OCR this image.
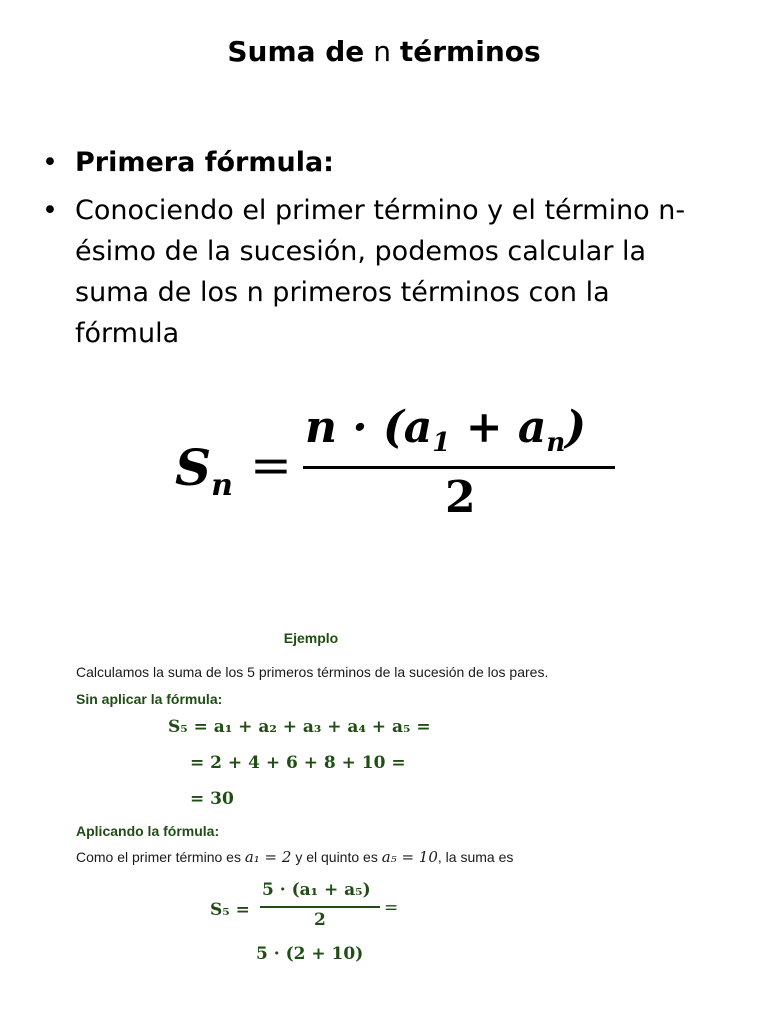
Suma de n términos
• Primera fórmula:
• Conociendo el primer término y el término n-ésimo de la sucesión, podemos calcular la suma de los n primeros términos con la fórmula
$S_n$ =
$n \cdot (a_1 + a_n)$
2
Ejemplo
Calculamos la suma de los 5 primeros términos de la sucesión de los pares.
Sin aplicar la fórmula:
S₅ = a₁ + a₂ + a₃ + a₄ + a₅ =
= 2 + 4 + 6 + 8 + 10 =
= 30
Aplicando la fórmula:
Como el primer término es a₁ = 2 y el quinto es a₅ = 10, la suma es
S₅ =
5 · (a₁ + a₅)
2
=
5 · (2 + 10)
